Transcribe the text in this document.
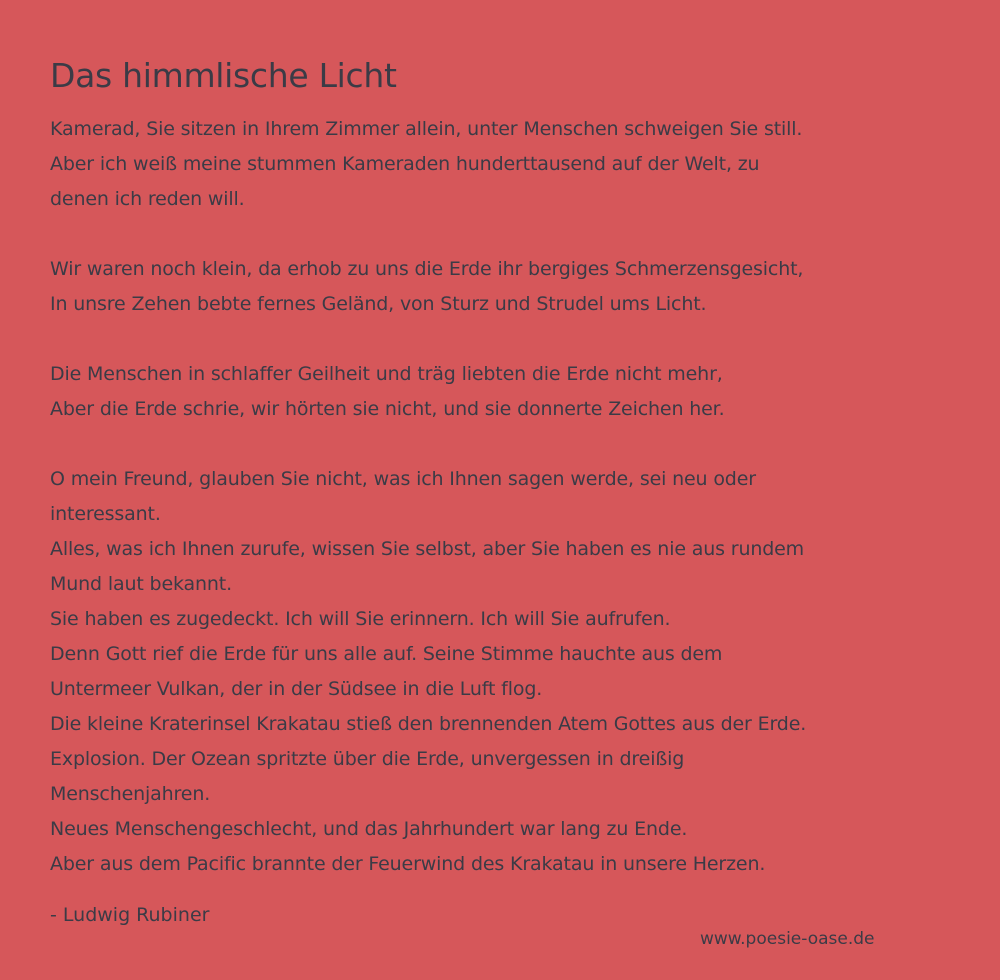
Das himmlische Licht
Kamerad, Sie sitzen in Ihrem Zimmer allein, unter Menschen schweigen Sie still.
Aber ich weiß meine stummen Kameraden hunderttausend auf der Welt, zu
denen ich reden will.
Wir waren noch klein, da erhob zu uns die Erde ihr bergiges Schmerzensgesicht,
In unsre Zehen bebte fernes Geländ, von Sturz und Strudel ums Licht.
Die Menschen in schlaffer Geilheit und träg liebten die Erde nicht mehr,
Aber die Erde schrie, wir hörten sie nicht, und sie donnerte Zeichen her.
O mein Freund, glauben Sie nicht, was ich Ihnen sagen werde, sei neu oder
interessant.
Alles, was ich Ihnen zurufe, wissen Sie selbst, aber Sie haben es nie aus rundem
Mund laut bekannt.
Sie haben es zugedeckt. Ich will Sie erinnern. Ich will Sie aufrufen.
Denn Gott rief die Erde für uns alle auf. Seine Stimme hauchte aus dem
Untermeer Vulkan, der in der Südsee in die Luft flog.
Die kleine Kraterinsel Krakatau stieß den brennenden Atem Gottes aus der Erde.
Explosion. Der Ozean spritzte über die Erde, unvergessen in dreißig
Menschenjahren.
Neues Menschengeschlecht, und das Jahrhundert war lang zu Ende.
Aber aus dem Pacific brannte der Feuerwind des Krakatau in unsere Herzen.
- Ludwig Rubiner
www.poesie-oase.de
